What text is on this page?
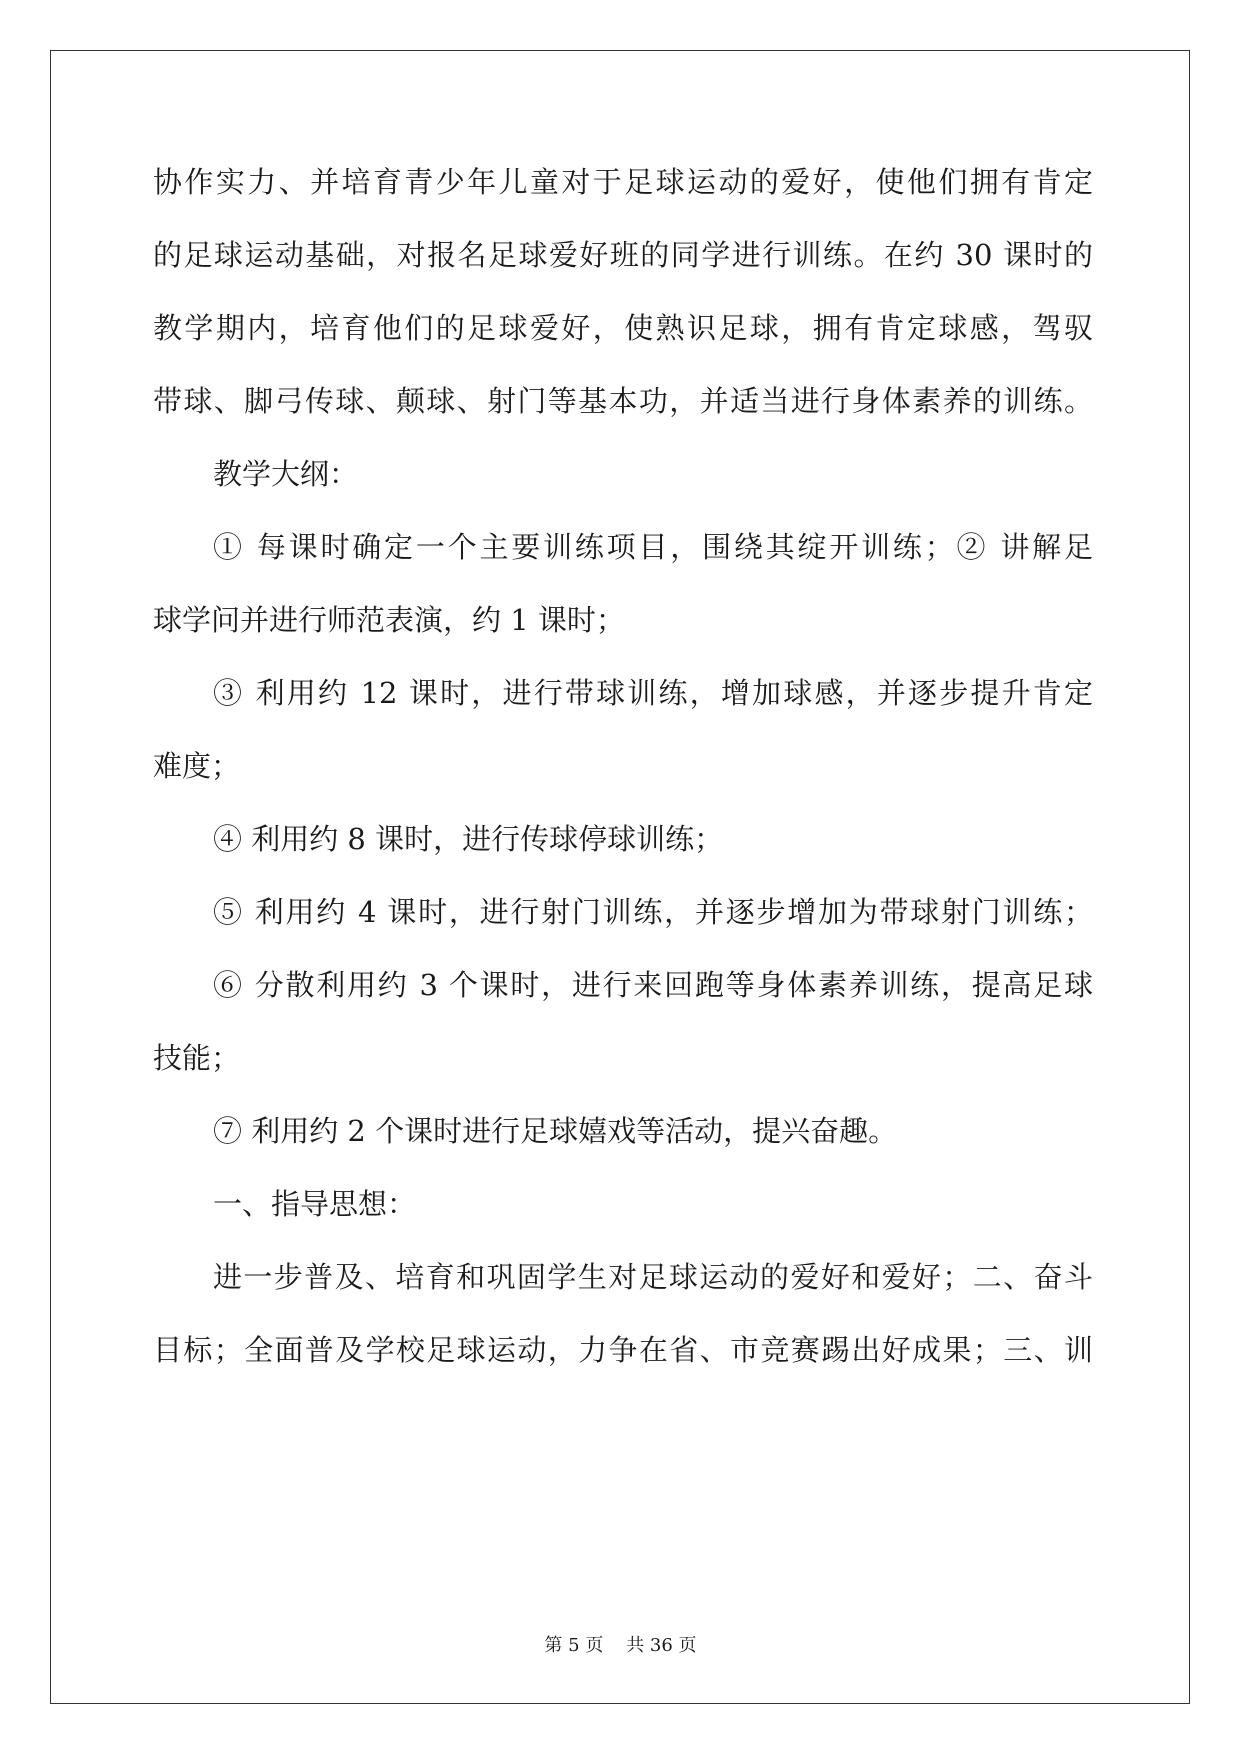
协作实力、并培育青少年儿童对于足球运动的爱好，使他们拥有肯定
的足球运动基础，对报名足球爱好班的同学进行训练。在约 30 课时的
教学期内，培育他们的足球爱好，使熟识足球，拥有肯定球感，驾驭
带球、脚弓传球、颠球、射门等基本功，并适当进行身体素养的训练。
教学大纲：
① 每课时确定一个主要训练项目，围绕其绽开训练；② 讲解足
球学问并进行师范表演，约 1 课时；
③ 利用约 12 课时，进行带球训练，增加球感，并逐步提升肯定
难度；
④ 利用约 8 课时，进行传球停球训练；
⑤ 利用约 4 课时，进行射门训练，并逐步增加为带球射门训练；
⑥ 分散利用约 3 个课时，进行来回跑等身体素养训练，提高足球
技能；
⑦ 利用约 2 个课时进行足球嬉戏等活动，提兴奋趣。
一、指导思想：
进一步普及、培育和巩固学生对足球运动的爱好和爱好；二、奋斗
目标；全面普及学校足球运动，力争在省、市竞赛踢出好成果；三、训
第 5 页    共 36 页
